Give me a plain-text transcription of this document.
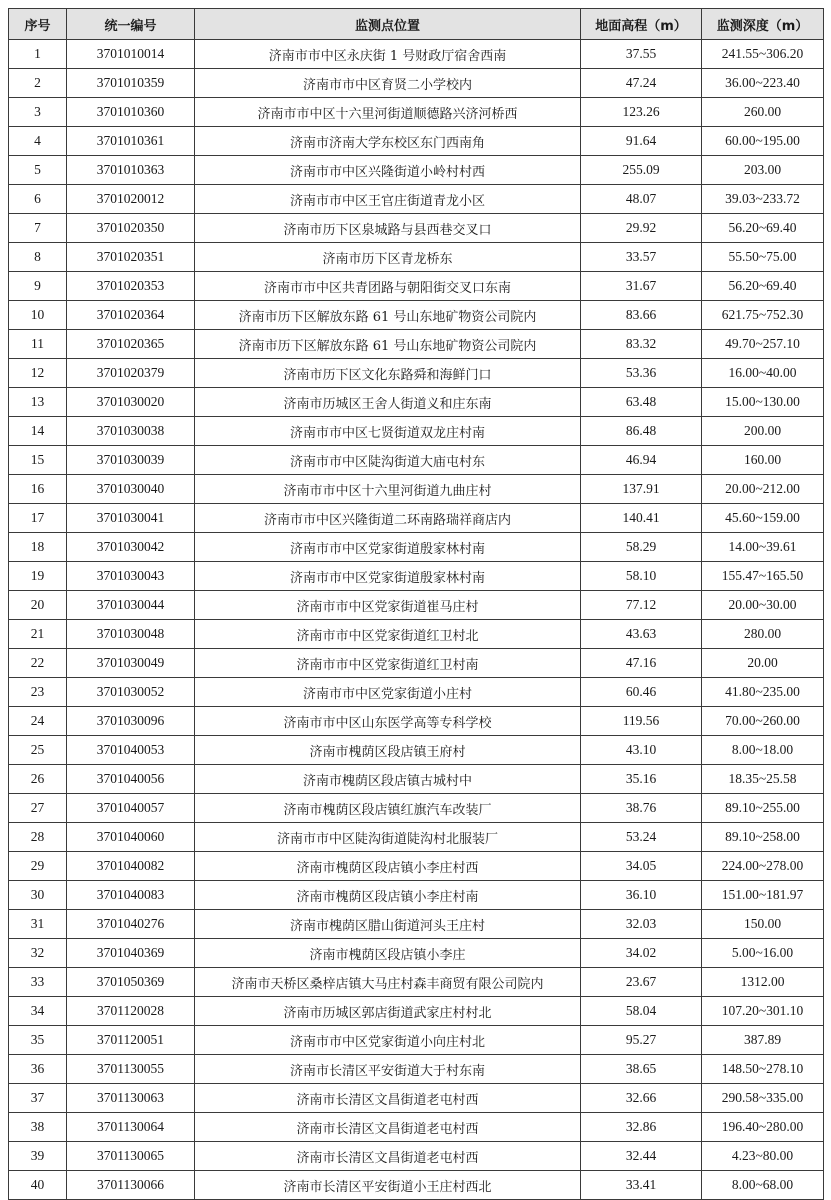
序号	统一编号	监测点位置	地面高程（m）	监测深度（m）
1	3701010014	济南市市中区永庆街 1 号财政厅宿舍西南	37.55	241.55~306.20
2	3701010359	济南市市中区育贤二小学校内	47.24	36.00~223.40
3	3701010360	济南市市中区十六里河街道顺德路兴济河桥西	123.26	260.00
4	3701010361	济南市济南大学东校区东门西南角	91.64	60.00~195.00
5	3701010363	济南市市中区兴隆街道小岭村村西	255.09	203.00
6	3701020012	济南市市中区王官庄街道青龙小区	48.07	39.03~233.72
7	3701020350	济南市历下区泉城路与县西巷交叉口	29.92	56.20~69.40
8	3701020351	济南市历下区青龙桥东	33.57	55.50~75.00
9	3701020353	济南市市中区共青团路与朝阳街交叉口东南	31.67	56.20~69.40
10	3701020364	济南市历下区解放东路 61 号山东地矿物资公司院内	83.66	621.75~752.30
11	3701020365	济南市历下区解放东路 61 号山东地矿物资公司院内	83.32	49.70~257.10
12	3701020379	济南市历下区文化东路舜和海鲜门口	53.36	16.00~40.00
13	3701030020	济南市历城区王舍人街道义和庄东南	63.48	15.00~130.00
14	3701030038	济南市市中区七贤街道双龙庄村南	86.48	200.00
15	3701030039	济南市市中区陡沟街道大庙屯村东	46.94	160.00
16	3701030040	济南市市中区十六里河街道九曲庄村	137.91	20.00~212.00
17	3701030041	济南市市中区兴隆街道二环南路瑞祥商店内	140.41	45.60~159.00
18	3701030042	济南市市中区党家街道殷家林村南	58.29	14.00~39.61
19	3701030043	济南市市中区党家街道殷家林村南	58.10	155.47~165.50
20	3701030044	济南市市中区党家街道崔马庄村	77.12	20.00~30.00
21	3701030048	济南市市中区党家街道红卫村北	43.63	280.00
22	3701030049	济南市市中区党家街道红卫村南	47.16	20.00
23	3701030052	济南市市中区党家街道小庄村	60.46	41.80~235.00
24	3701030096	济南市市中区山东医学高等专科学校	119.56	70.00~260.00
25	3701040053	济南市槐荫区段店镇王府村	43.10	8.00~18.00
26	3701040056	济南市槐荫区段店镇古城村中	35.16	18.35~25.58
27	3701040057	济南市槐荫区段店镇红旗汽车改装厂	38.76	89.10~255.00
28	3701040060	济南市市中区陡沟街道陡沟村北服装厂	53.24	89.10~258.00
29	3701040082	济南市槐荫区段店镇小李庄村西	34.05	224.00~278.00
30	3701040083	济南市槐荫区段店镇小李庄村南	36.10	151.00~181.97
31	3701040276	济南市槐荫区腊山街道河头王庄村	32.03	150.00
32	3701040369	济南市槐荫区段店镇小李庄	34.02	5.00~16.00
33	3701050369	济南市天桥区桑梓店镇大马庄村森丰商贸有限公司院内	23.67	1312.00
34	3701120028	济南市历城区郭店街道武家庄村村北	58.04	107.20~301.10
35	3701120051	济南市市中区党家街道小向庄村北	95.27	387.89
36	3701130055	济南市长清区平安街道大于村东南	38.65	148.50~278.10
37	3701130063	济南市长清区文昌街道老屯村西	32.66	290.58~335.00
38	3701130064	济南市长清区文昌街道老屯村西	32.86	196.40~280.00
39	3701130065	济南市长清区文昌街道老屯村西	32.44	4.23~80.00
40	3701130066	济南市长清区平安街道小王庄村西北	33.41	8.00~68.00
